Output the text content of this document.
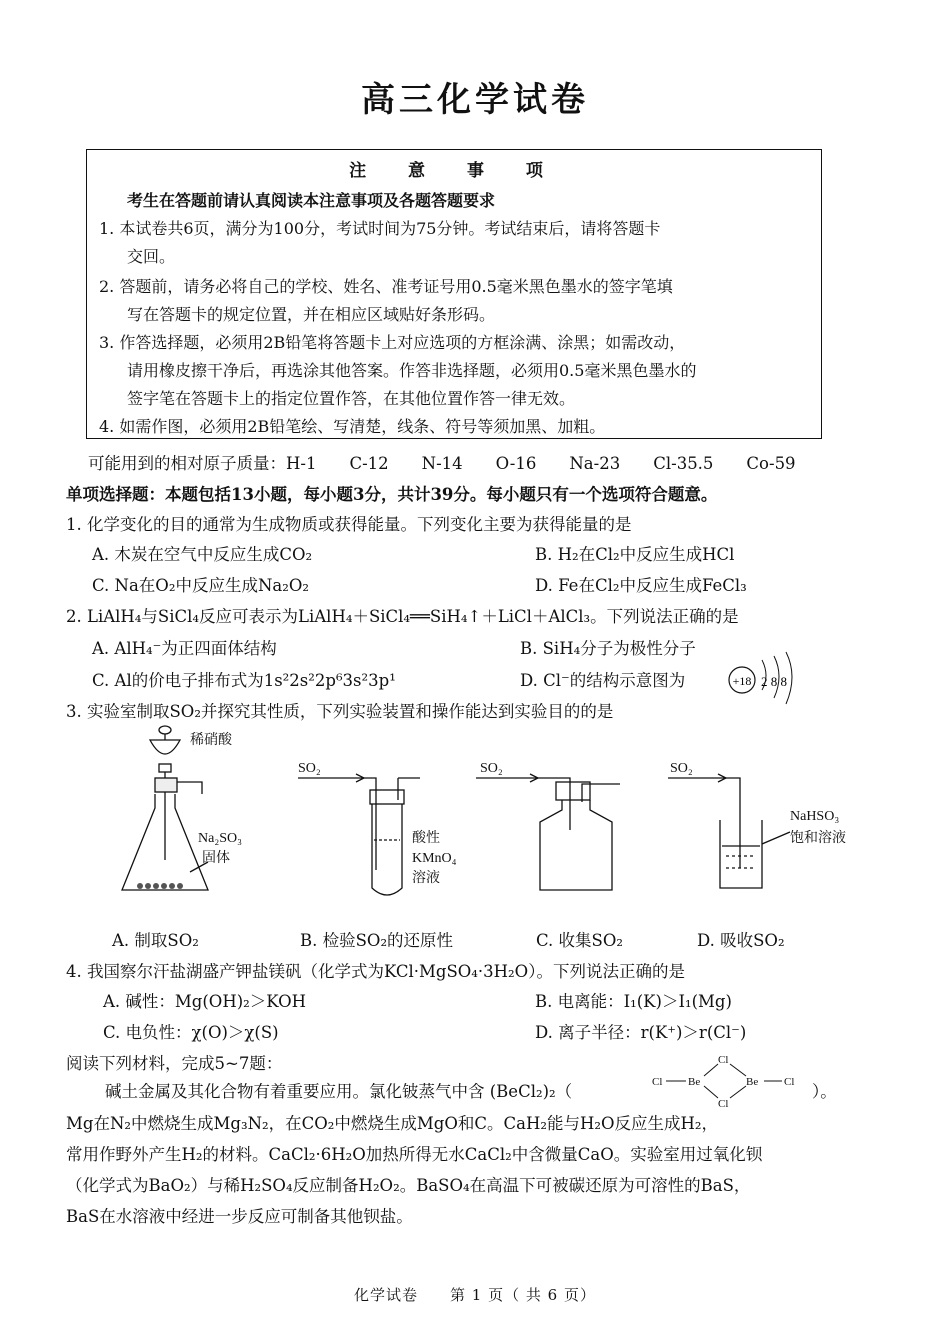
高三化学试卷
注 意 事 项
考生在答题前请认真阅读本注意事项及各题答题要求
1. 本试卷共6页，满分为100分，考试时间为75分钟。考试结束后，请将答题卡
交回。
2. 答题前，请务必将自己的学校、姓名、准考证号用0.5毫米黑色墨水的签字笔填
写在答题卡的规定位置，并在相应区域贴好条形码。
3. 作答选择题，必须用2B铅笔将答题卡上对应选项的方框涂满、涂黑；如需改动，
请用橡皮擦干净后，再选涂其他答案。作答非选择题，必须用0.5毫米黑色墨水的
签字笔在答题卡上的指定位置作答，在其他位置作答一律无效。
4. 如需作图，必须用2B铅笔绘、写清楚，线条、符号等须加黑、加粗。
可能用到的相对原子质量：H-1　　C-12　　N-14　　O-16　　Na-23　　Cl-35.5　　Co-59
单项选择题：本题包括13小题，每小题3分，共计39分。每小题只有一个选项符合题意。
1. 化学变化的目的通常为生成物质或获得能量。下列变化主要为获得能量的是
A. 木炭在空气中反应生成CO₂	B. H₂在Cl₂中反应生成HCl
C. Na在O₂中反应生成Na₂O₂	D. Fe在Cl₂中反应生成FeCl₃
2. LiAlH₄与SiCl₄反应可表示为LiAlH₄＋SiCl₄══SiH₄↑＋LiCl＋AlCl₃。下列说法正确的是
A. AlH₄⁻为正四面体结构	B. SiH₄分子为极性分子
C. Al的价电子排布式为1s²2s²2p⁶3s²3p¹	D. Cl⁻的结构示意图为	+18 2 8 8
3. 实验室制取SO₂并探究其性质，下列实验装置和操作能达到实验目的的是
稀硝酸
Na₂SO₃
固体
SO₂
酸性
KMnO₄
溶液
SO₂	SO₂
NaHSO₃
饱和溶液
A. 制取SO₂	B. 检验SO₂的还原性	C. 收集SO₂	D. 吸收SO₂
4. 我国察尔汗盐湖盛产钾盐镁矾（化学式为KCl·MgSO₄·3H₂O）。下列说法正确的是
A. 碱性：Mg(OH)₂＞KOH	B. 电离能：I₁(K)＞I₁(Mg)
C. 电负性：χ(O)＞χ(S)	D. 离子半径：r(K⁺)＞r(Cl⁻)
阅读下列材料，完成5~7题：
碱土金属及其化合物有着重要应用。氯化铍蒸气中含 (BeCl₂)₂（	Cl Be
Cl
Cl
Be Cl ）。
Mg在N₂中燃烧生成Mg₃N₂，在CO₂中燃烧生成MgO和C。CaH₂能与H₂O反应生成H₂，
常用作野外产生H₂的材料。CaCl₂·6H₂O加热所得无水CaCl₂中含微量CaO。实验室用过氧化钡
（化学式为BaO₂）与稀H₂SO₄反应制备H₂O₂。BaSO₄在高温下可被碳还原为可溶性的BaS，
BaS在水溶液中经进一步反应可制备其他钡盐。
化学试卷　　第 1 页（ 共 6 页）
